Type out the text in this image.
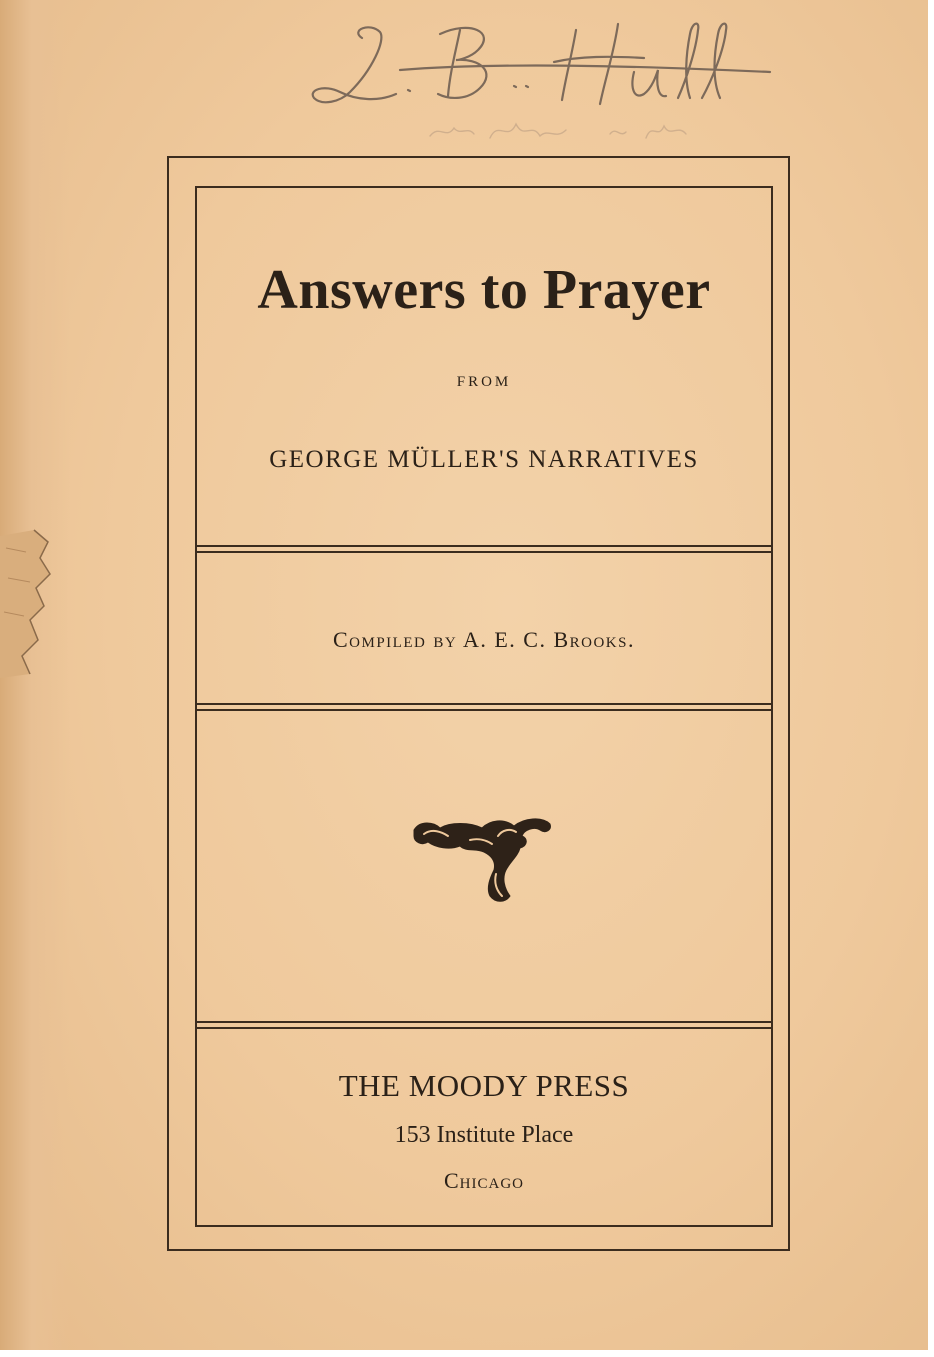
Answers to Prayer
FROM
GEORGE MÜLLER'S NARRATIVES
Compiled by A. E. C. Brooks.
THE MOODY PRESS
153 Institute Place
Chicago
